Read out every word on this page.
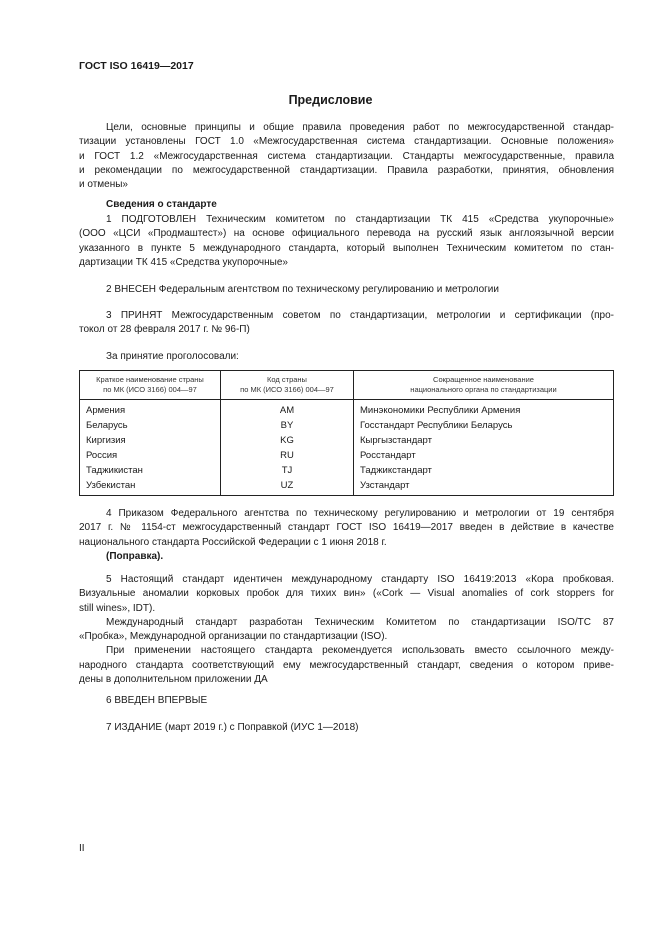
ГОСТ ISO 16419—2017
Предисловие
Цели, основные принципы и общие правила проведения работ по межгосударственной стандар-
тизации установлены ГОСТ 1.0 «Межгосударственная система стандартизации. Основные положения»
и ГОСТ 1.2 «Межгосударственная система стандартизации. Стандарты межгосударственные, правила
и рекомендации по межгосударственной стандартизации. Правила разработки, принятия, обновления
и отмены»
Сведения о стандарте
1 ПОДГОТОВЛЕН Техническим комитетом по стандартизации ТК 415 «Средства укупорочные»
(ООО «ЦСИ «Продмаштест») на основе официального перевода на русский язык англоязычной версии
указанного в пункте 5 международного стандарта, который выполнен Техническим комитетом по стан-
дартизации ТК 415 «Средства укупорочные»
2 ВНЕСЕН Федеральным агентством по техническому регулированию и метрологии
3 ПРИНЯТ Межгосударственным советом по стандартизации, метрологии и сертификации (про-
токол от 28 февраля 2017 г. № 96-П)
За принятие проголосовали:
Краткое наименование страны
по МК (ИСО 3166) 004—97	Код страны
по МК (ИСО 3166) 004—97	Сокращенное наименование
национального органа по стандартизации
Армения	AM	Минэкономики Республики Армения
Беларусь	BY	Госстандарт Республики Беларусь
Киргизия	KG	Кыргызстандарт
Россия	RU	Росстандарт
Таджикистан	TJ	Таджикстандарт
Узбекистан	UZ	Узстандарт
4 Приказом Федерального агентства по техническому регулированию и метрологии от 19 сентября
2017 г. № 1154-ст межгосударственный стандарт ГОСТ ISO 16419—2017 введен в действие в качестве
национального стандарта Российской Федерации с 1 июня 2018 г.
(Поправка).
5 Настоящий стандарт идентичен международному стандарту ISO 16419:2013 «Кора пробковая.
Визуальные аномалии корковых пробок для тихих вин» («Cork — Visual anomalies of cork stoppers for
still wines», IDT).
Международный стандарт разработан Техническим Комитетом по стандартизации ISO/TC 87
«Пробка», Международной организации по стандартизации (ISO).
При применении настоящего стандарта рекомендуется использовать вместо ссылочного между-
народного стандарта соответствующий ему межгосударственный стандарт, сведения о котором приве-
дены в дополнительном приложении ДА
6 ВВЕДЕН ВПЕРВЫЕ
7 ИЗДАНИЕ (март 2019 г.) с Поправкой (ИУС 1—2018)
II
